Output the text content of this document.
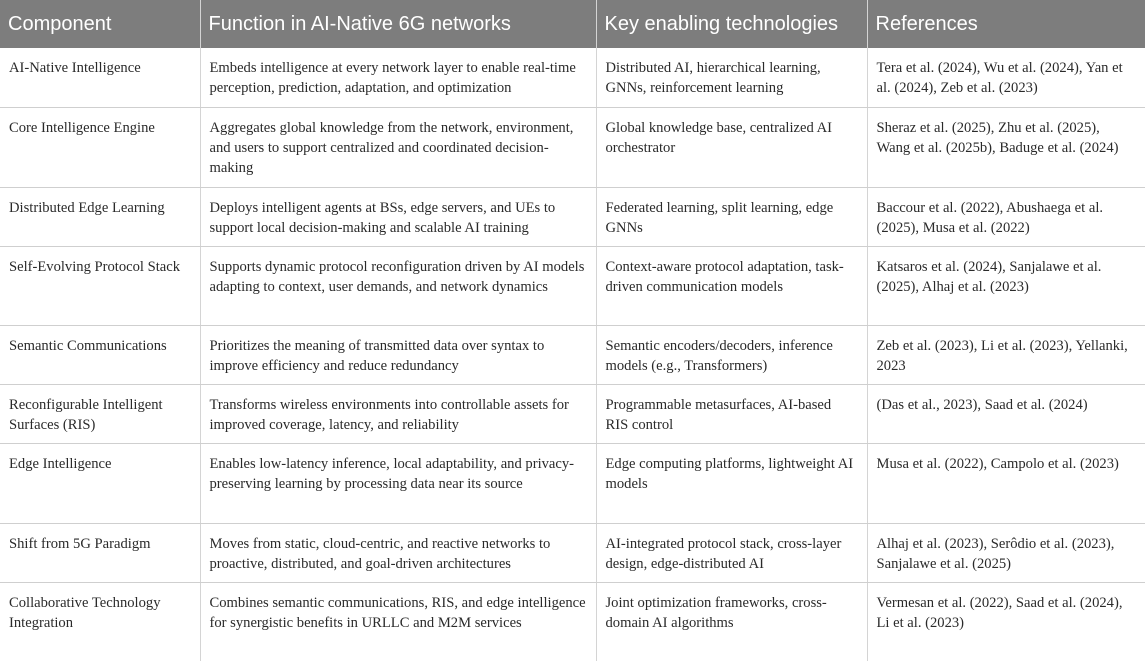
Component	Function in AI-Native 6G networks	Key enabling technologies	References
AI-Native Intelligence	Embeds intelligence at every network layer to enable real-time perception, prediction, adaptation, and optimization	Distributed AI, hierarchical learning, GNNs, reinforcement learning	Tera et al. (2024), Wu et al. (2024), Yan et al. (2024), Zeb et al. (2023)
Core Intelligence Engine	Aggregates global knowledge from the network, environment, and users to support centralized and coordinated decision-making	Global knowledge base, centralized AI orchestrator	Sheraz et al. (2025), Zhu et al. (2025), Wang et al. (2025b), Baduge et al. (2024)
Distributed Edge Learning	Deploys intelligent agents at BSs, edge servers, and UEs to support local decision-making and scalable AI training	Federated learning, split learning, edge GNNs	Baccour et al. (2022), Abushaega et al. (2025), Musa et al. (2022)
Self-Evolving Protocol Stack	Supports dynamic protocol reconfiguration driven by AI models adapting to context, user demands, and network dynamics	Context-aware protocol adaptation, task-driven communication models	Katsaros et al. (2024), Sanjalawe et al. (2025), Alhaj et al. (2023)
Semantic Communications	Prioritizes the meaning of transmitted data over syntax to improve efficiency and reduce redundancy	Semantic encoders/decoders, inference models (e.g., Transformers)	Zeb et al. (2023), Li et al. (2023), Yellanki, 2023
Reconfigurable Intelligent Surfaces (RIS)	Transforms wireless environments into controllable assets for improved coverage, latency, and reliability	Programmable metasurfaces, AI-based RIS control	(Das et al., 2023), Saad et al. (2024)
Edge Intelligence	Enables low-latency inference, local adaptability, and privacy-preserving learning by processing data near its source	Edge computing platforms, lightweight AI models	Musa et al. (2022), Campolo et al. (2023)
Shift from 5G Paradigm	Moves from static, cloud-centric, and reactive networks to proactive, distributed, and goal-driven architectures	AI-integrated protocol stack, cross-layer design, edge-distributed AI	Alhaj et al. (2023), Serôdio et al. (2023), Sanjalawe et al. (2025)
Collaborative Technology Integration	Combines semantic communications, RIS, and edge intelligence for synergistic benefits in URLLC and M2M services	Joint optimization frameworks, cross-domain AI algorithms	Vermesan et al. (2022), Saad et al. (2024), Li et al. (2023)
